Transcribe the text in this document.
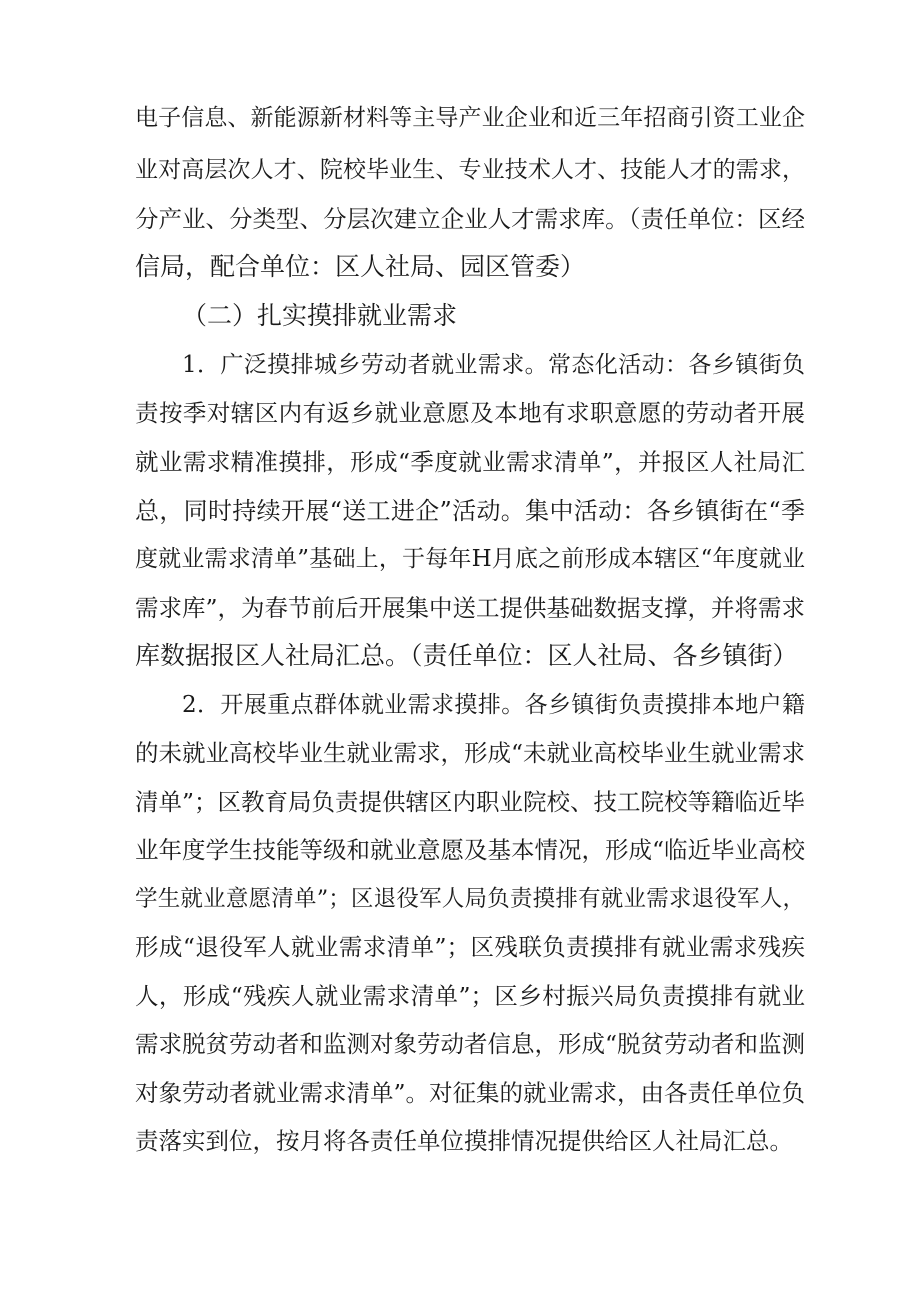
电子信息、新能源新材料等主导产业企业和近三年招商引资工业企
业对高层次人才、院校毕业生、专业技术人才、技能人才的需求，
分产业、分类型、分层次建立企业人才需求库。（责任单位：区经
信局，配合单位：区人社局、园区管委）
（二）扎实摸排就业需求
1．广泛摸排城乡劳动者就业需求。常态化活动：各乡镇街负
责按季对辖区内有返乡就业意愿及本地有求职意愿的劳动者开展
就业需求精准摸排，形成“季度就业需求清单”，并报区人社局汇
总，同时持续开展“送工进企”活动。集中活动：各乡镇街在“季
度就业需求清单”基础上，于每年H月底之前形成本辖区“年度就业
需求库”，为春节前后开展集中送工提供基础数据支撑，并将需求
库数据报区人社局汇总。（责任单位：区人社局、各乡镇街）
2．开展重点群体就业需求摸排。各乡镇街负责摸排本地户籍
的未就业高校毕业生就业需求，形成“未就业高校毕业生就业需求
清单”；区教育局负责提供辖区内职业院校、技工院校等籍临近毕
业年度学生技能等级和就业意愿及基本情况，形成“临近毕业高校
学生就业意愿清单”；区退役军人局负责摸排有就业需求退役军人，
形成“退役军人就业需求清单”；区残联负责摸排有就业需求残疾
人，形成“残疾人就业需求清单”；区乡村振兴局负责摸排有就业
需求脱贫劳动者和监测对象劳动者信息，形成“脱贫劳动者和监测
对象劳动者就业需求清单”。对征集的就业需求，由各责任单位负
责落实到位，按月将各责任单位摸排情况提供给区人社局汇总。
